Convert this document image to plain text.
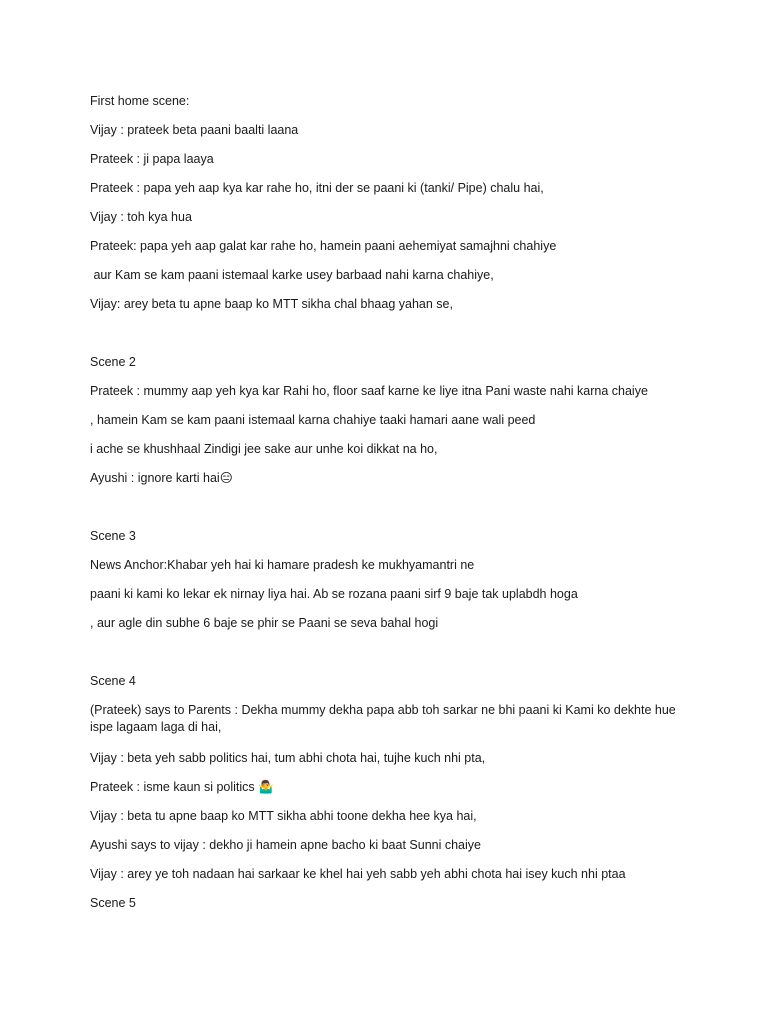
First home scene:
Vijay : prateek beta paani baalti laana
Prateek : ji papa laaya
Prateek : papa yeh aap kya kar rahe ho, itni der se paani ki (tanki/ Pipe) chalu hai,
Vijay : toh kya hua
Prateek: papa yeh aap galat kar rahe ho, hamein paani aehemiyat samajhni chahiye
aur Kam se kam paani istemaal karke usey barbaad nahi karna chahiye,
Vijay: arey beta tu apne baap ko MTT sikha chal bhaag yahan se,
Scene 2
Prateek : mummy aap yeh kya kar Rahi ho, floor saaf karne ke liye itna Pani waste nahi karna chaiye
, hamein Kam se kam paani istemaal karna chahiye taaki hamari aane wali peed
i ache se khushhaal Zindigi jee sake aur unhe koi dikkat na ho,
Ayushi : ignore karti hai😑
Scene 3
News Anchor:Khabar yeh hai ki hamare pradesh ke mukhyamantri ne
paani ki kami ko lekar ek nirnay liya hai. Ab se rozana paani sirf 9 baje tak uplabdh hoga
, aur agle din subhe 6 baje se phir se Paani se seva bahal hogi
Scene 4
(Prateek) says to Parents : Dekha mummy dekha papa abb toh sarkar ne bhi paani ki Kami ko dekhte hue ispe lagaam laga di hai,
Vijay : beta yeh sabb politics hai, tum abhi chota hai, tujhe kuch nhi pta,
Prateek : isme kaun si politics 🤷‍♂
Vijay : beta tu apne baap ko MTT sikha abhi toone dekha hee kya hai,
Ayushi says to vijay : dekho ji hamein apne bacho ki baat Sunni chaiye
Vijay : arey ye toh nadaan hai sarkaar ke khel hai yeh sabb yeh abhi chota hai isey kuch nhi ptaa
Scene 5
